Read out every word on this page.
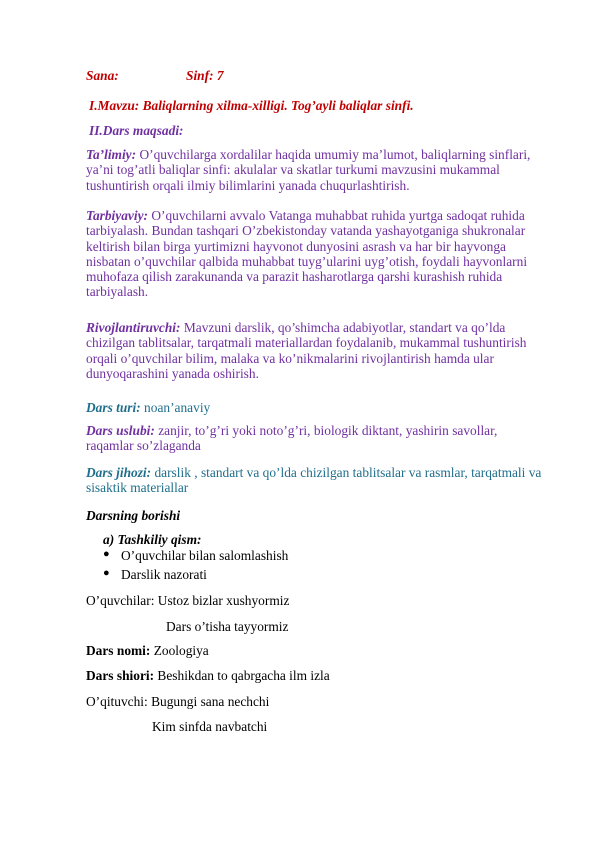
Sana:	Sinf: 7
I.Mavzu: Baliqlarning xilma-xilligi. Tog’ayli baliqlar sinfi.
II.Dars maqsadi:
Ta’limiy: O’quvchilarga xordalilar haqida umumiy ma’lumot, baliqlarning sinflari, ya’ni tog’atli baliqlar sinfi: akulalar va skatlar turkumi mavzusini mukammal tushuntirish orqali ilmiy bilimlarini yanada chuqurlashtirish.
Tarbiyaviy: O’quvchilarni avvalo Vatanga muhabbat ruhida yurtga sadoqat ruhida tarbiyalash. Bundan tashqari O’zbekistonday vatanda yashayotganiga shukronalar keltirish bilan birga yurtimizni hayvonot dunyosini asrash va har bir hayvonga nisbatan o’quvchilar qalbida muhabbat tuyg’ularini uyg’otish, foydali hayvonlarni muhofaza qilish zarakunanda va parazit hasharotlarga qarshi kurashish ruhida tarbiyalash.
Rivojlantiruvchi: Mavzuni darslik, qo’shimcha adabiyotlar, standart va qo’lda chizilgan tablitsalar, tarqatmali materiallardan foydalanib, mukammal tushuntirish orqali o’quvchilar bilim, malaka va ko’nikmalarini rivojlantirish hamda ular dunyoqarashini yanada oshirish.
Dars turi: noan’anaviy
Dars uslubi: zanjir, to’g’ri yoki noto’g’ri, biologik diktant, yashirin savollar, raqamlar so’zlaganda
Dars jihozi: darslik , standart va qo’lda chizilgan tablitsalar va rasmlar, tarqatmali va sisaktik materiallar
Darsning borishi
a) Tashkiliy qism:
● O’quvchilar bilan salomlashish
● Darslik nazorati
O’quvchilar: Ustoz bizlar xushyormiz
Dars o’tisha tayyormiz
Dars nomi: Zoologiya
Dars shiori: Beshikdan to qabrgacha ilm izla
O’qituvchi: Bugungi sana nechchi
Kim sinfda navbatchi
